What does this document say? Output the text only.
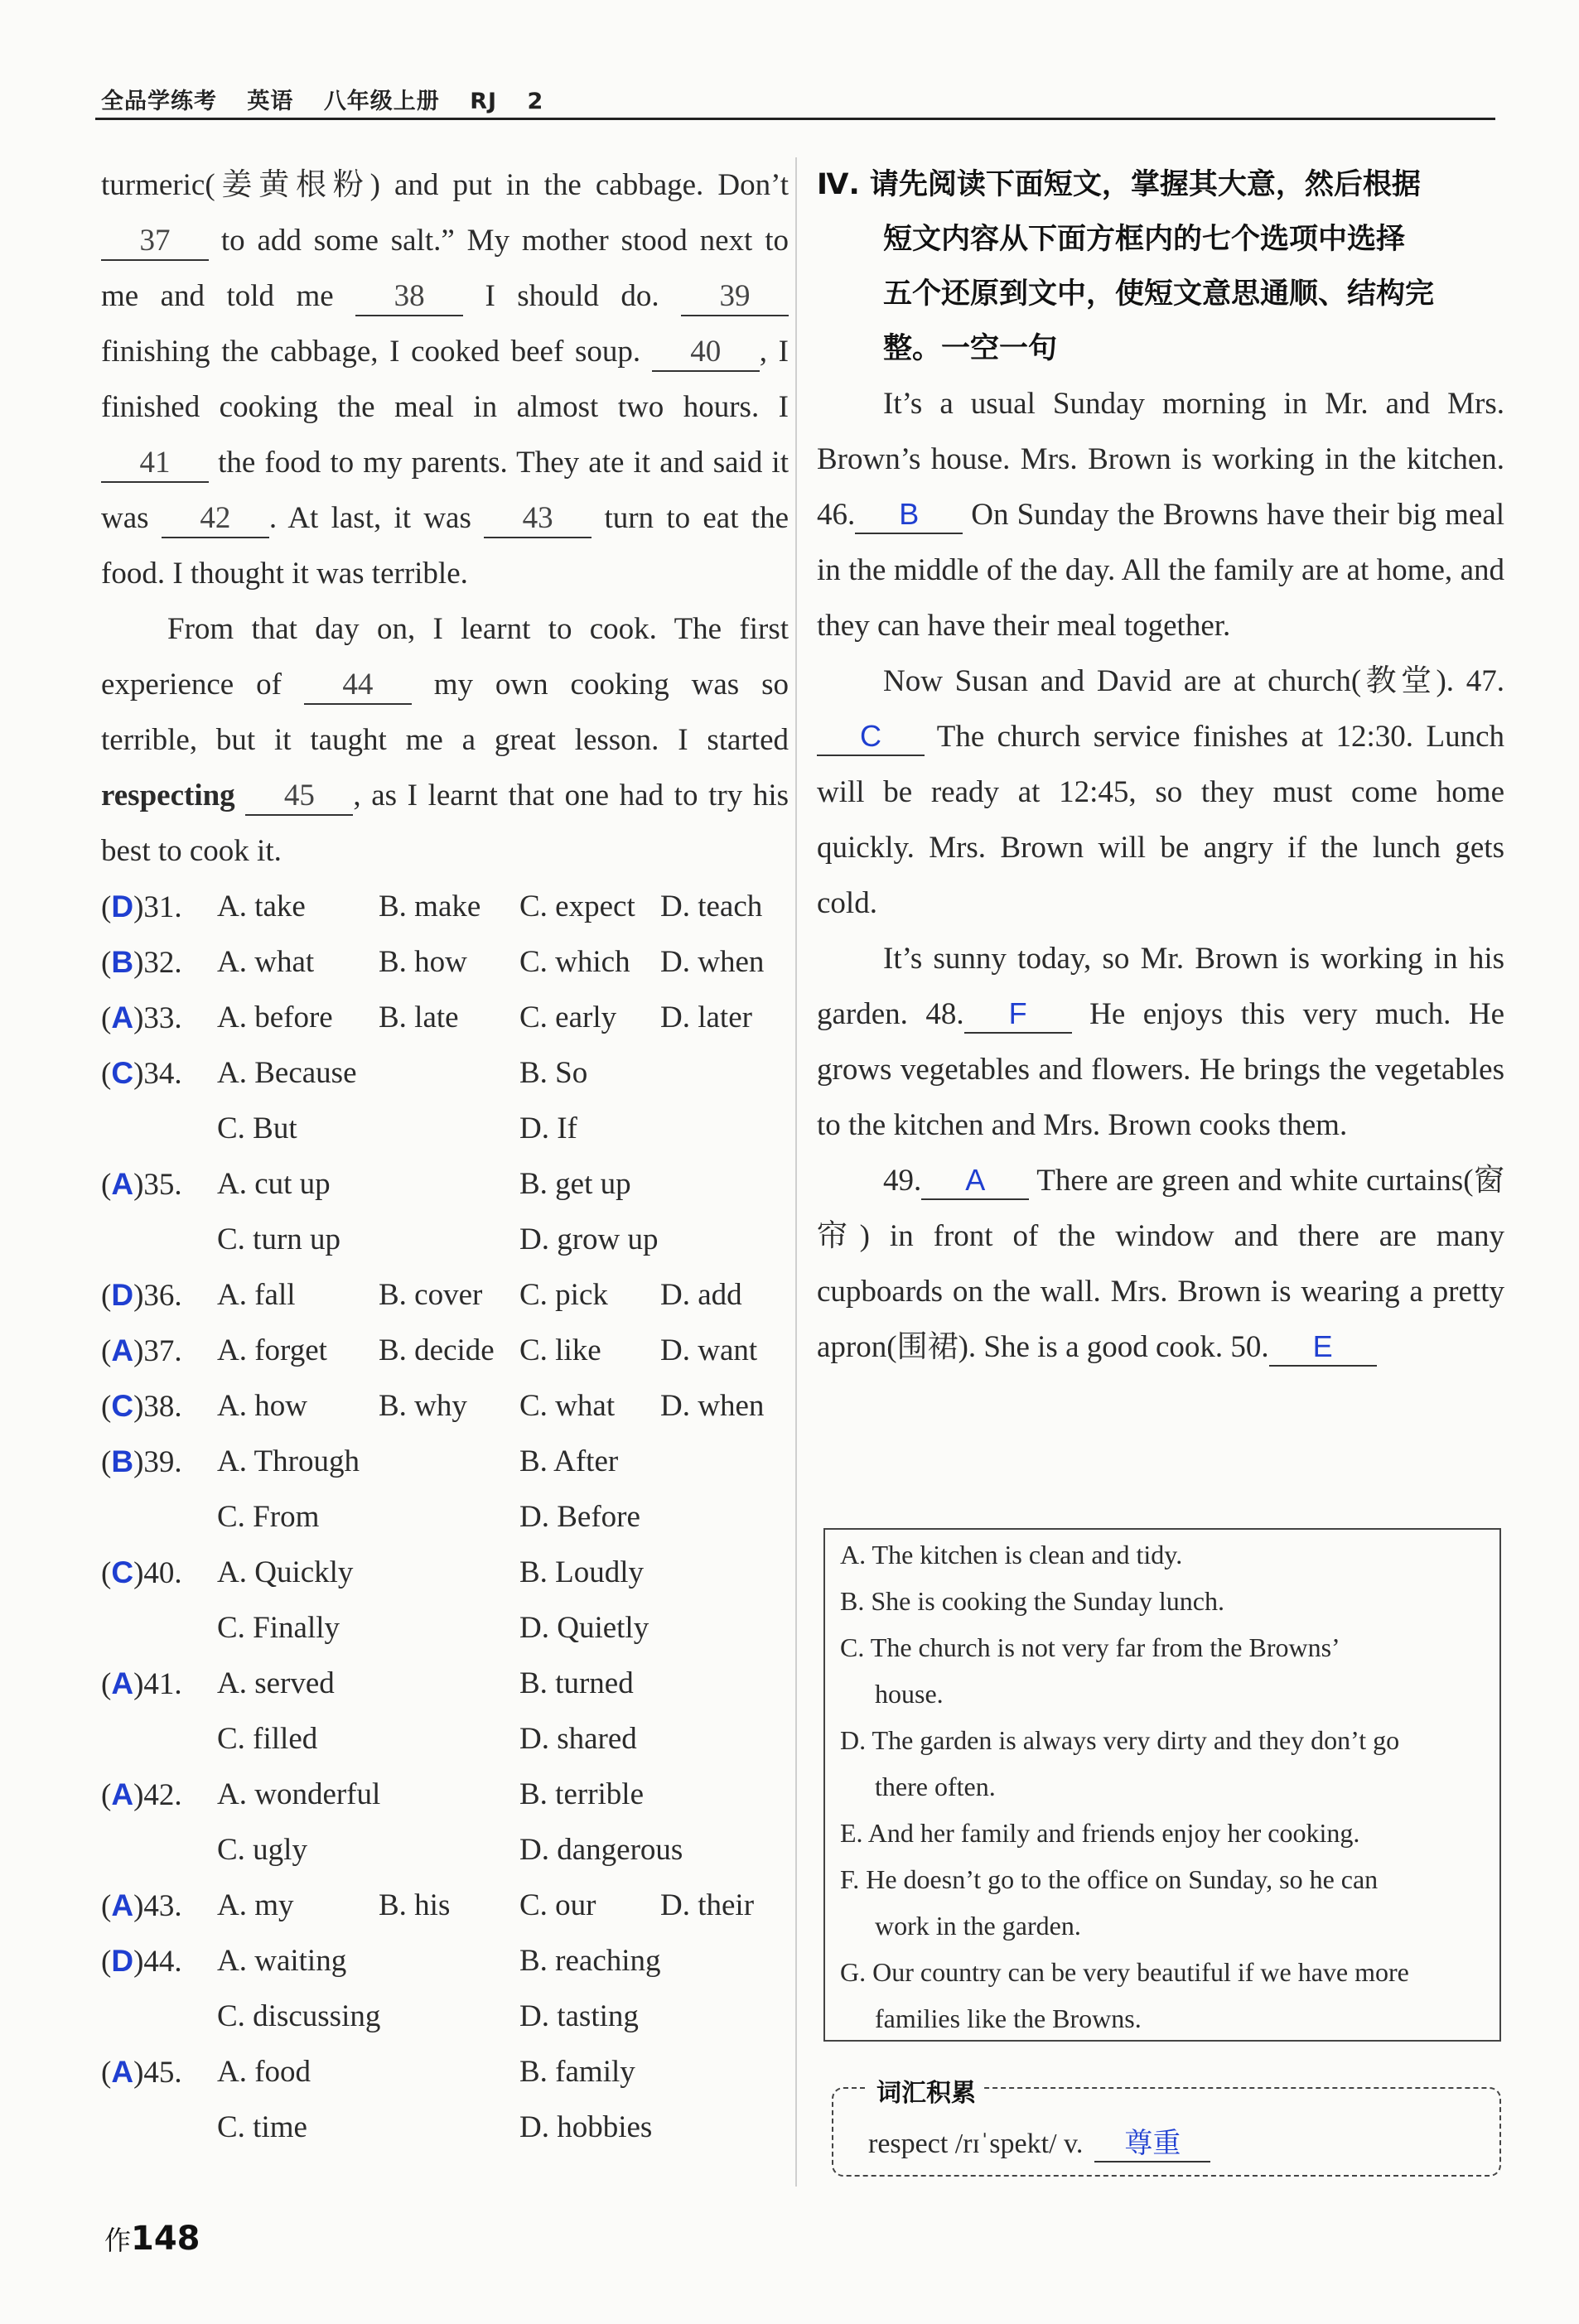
全品学练考 英语 八年级上册 RJ 2
turmeric(姜黄根粉) and put in the cabbage. Don’t 37 to add some salt.” My mother stood next to me and told me 38 I should do. 39 finishing the cabbage, I cooked beef soup. 40 , I finished cooking the meal in almost two hours. I 41 the food to my parents. They ate it and said it was 42 . At last, it was 43 turn to eat the food. I thought it was terrible.
From that day on, I learnt to cook. The first experience of 44 my own cooking was so terrible, but it taught me a great lesson. I started respecting 45 , as I learnt that one had to try his best to cook it.
(D)31. A. take B. make C. expect D. teach
(B)32. A. what B. how C. which D. when
(A)33. A. before B. late C. early D. later
(C)34. A. Because	B. So
C. But	D. If
(A)35. A. cut up	B. get up
C. turn up	D. grow up
(D)36. A. fall	B. cover C. pick D. add
(A)37. A. forget B. decide C. like D. want
(C)38. A. how B. why C. what D. when
(B)39. A. Through	B. After
C. From	D. Before
(C)40. A. Quickly	B. Loudly
C. Finally	D. Quietly
(A)41. A. served	B. turned
C. filled	D. shared
(A)42. A. wonderful	B. terrible
C. ugly	D. dangerous
(A)43. A. my	B. his C. our D. their
(D)44. A. waiting	B. reaching
C. discussing	D. tasting
(A)45. A. food	B. family
C. time	D. hobbies
Ⅳ. 请先阅读下面短文，掌握其大意，然后根据
短文内容从下面方框内的七个选项中选择
五个还原到文中，使短文意思通顺、结构完
整。一空一句
It’s a usual Sunday morning in Mr. and Mrs. Brown’s house. Mrs. Brown is working in the kitchen. 46. B On Sunday the Browns have their big meal in the middle of the day. All the family are at home, and they can have their meal together.
Now Susan and David are at church(教堂). 47.C The church service finishes at 12:30. Lunch will be ready at 12:45, so they must come home quickly. Mrs. Brown will be angry if the lunch gets cold.
It’s sunny today, so Mr. Brown is working in his garden. 48. F He enjoys this very much. He grows vegetables and flowers. He brings the vegetables to the kitchen and Mrs. Brown cooks them.
49. A There are green and white curtains(窗帘) in front of the window and there are many cupboards on the wall. Mrs. Brown is wearing a pretty apron(围裙). She is a good cook. 50. E
A. The kitchen is clean and tidy.
B. She is cooking the Sunday lunch.
C. The church is not very far from the Browns’
house.
D. The garden is always very dirty and they don’t go
there often.
E. And her family and friends enjoy her cooking.
F. He doesn’t go to the office on Sunday, so he can
work in the garden.
G. Our country can be very beautiful if we have more
families like the Browns.
词汇积累
respect /rɪˈspekt/ v. 尊重
作148
